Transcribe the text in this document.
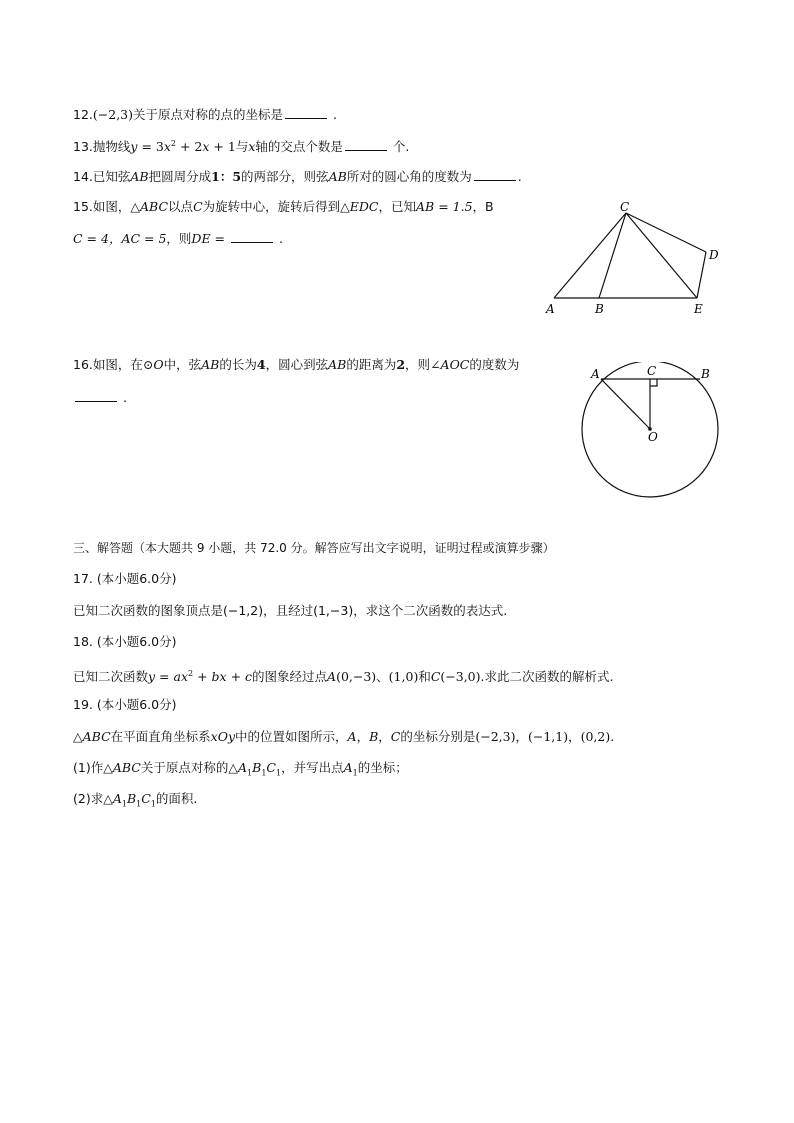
12.(−2,3)关于原点对称的点的坐标是	.
13.抛物线$y = 3x^2 + 2x + 1$与x轴的交点个数是	个.
14.已知弦AB把圆周分成1：5的两部分，则弦AB所对的圆心角的度数为	.
15.如图，△ABC以点C为旋转中心，旋转后得到△EDC，已知AB = 1.5，B
C = 4，AC = 5，则DE =	.
C
D
A	B	E
16.如图，在⊙O中，弦AB的长为4，圆心到弦AB的距离为2，则∠AOC的度数为
.
A	C	B
O
三、解答题（本大题共 9 小题，共 72.0 分。解答应写出文字说明，证明过程或演算步骤）
17. (本小题6.0分)
已知二次函数的图象顶点是(−1,2)，且经过(1,−3)，求这个二次函数的表达式.
18. (本小题6.0分)
已知二次函数$y = ax^2$ + bx + c的图象经过点A(0,−3)、(1,0)和C(−3,0).求此二次函数的解析式.
19. (本小题6.0分)
△ABC在平面直角坐标系xOy中的位置如图所示，A，B，C的坐标分别是(−2,3)，(−1,1)，(0,2).
(1)作△ABC关于原点对称的$\triangle A_1B_1C_1$，并写出点$A_1$的坐标；
(2)求$\triangle A_1B_1C_1$的面积.
